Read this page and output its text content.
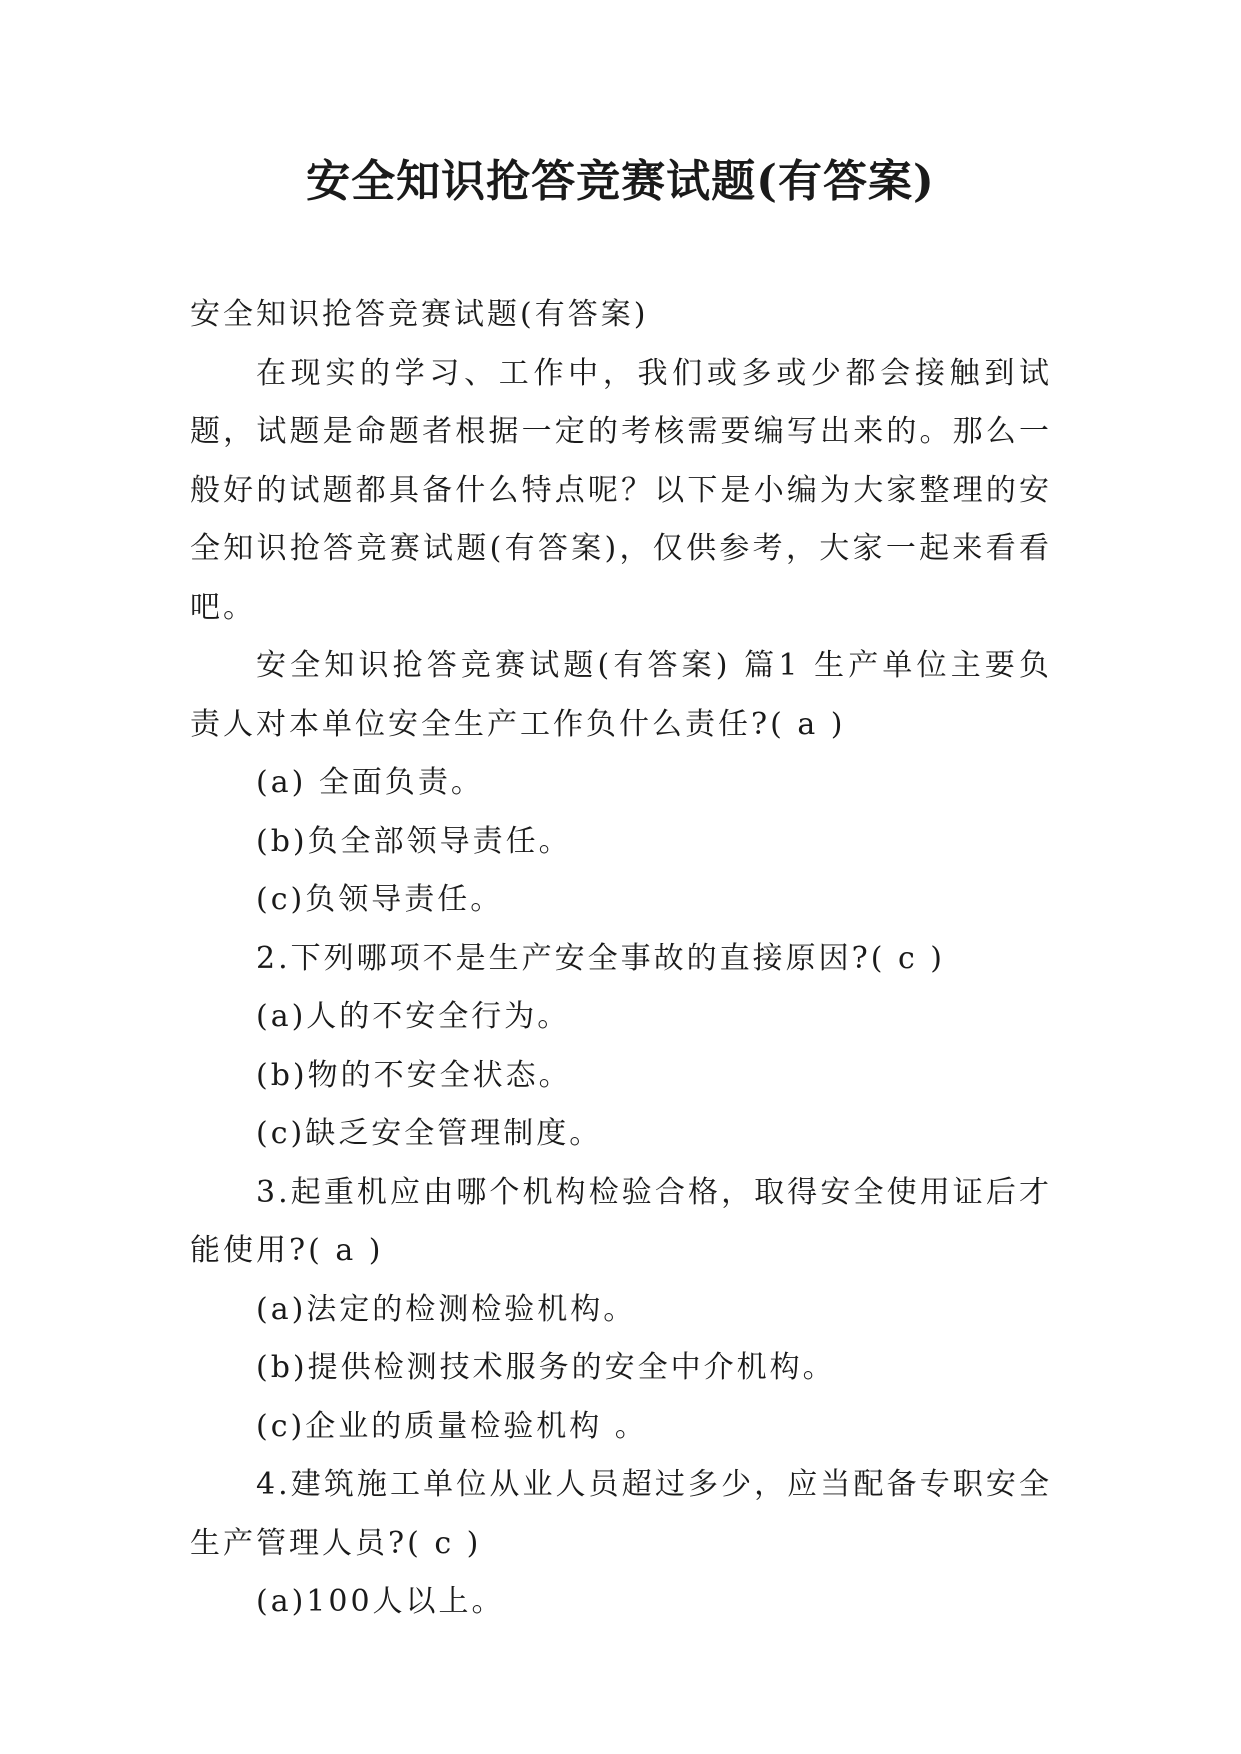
安全知识抢答竞赛试题(有答案)
安全知识抢答竞赛试题(有答案)
在现实的学习、工作中，我们或多或少都会接触到试题，试题是命题者根据一定的考核需要编写出来的。那么一般好的试题都具备什么特点呢？以下是小编为大家整理的安全知识抢答竞赛试题(有答案)，仅供参考，大家一起来看看吧。
安全知识抢答竞赛试题(有答案) 篇1 生产单位主要负责人对本单位安全生产工作负什么责任?( a )
(a) 全面负责。
(b)负全部领导责任。
(c)负领导责任。
2.下列哪项不是生产安全事故的直接原因?( c )
(a)人的不安全行为。
(b)物的不安全状态。
(c)缺乏安全管理制度。
3.起重机应由哪个机构检验合格，取得安全使用证后才能使用?( a )
(a)法定的检测检验机构。
(b)提供检测技术服务的安全中介机构。
(c)企业的质量检验机构 。
4.建筑施工单位从业人员超过多少，应当配备专职安全生产管理人员?( c )
(a)100人以上。
